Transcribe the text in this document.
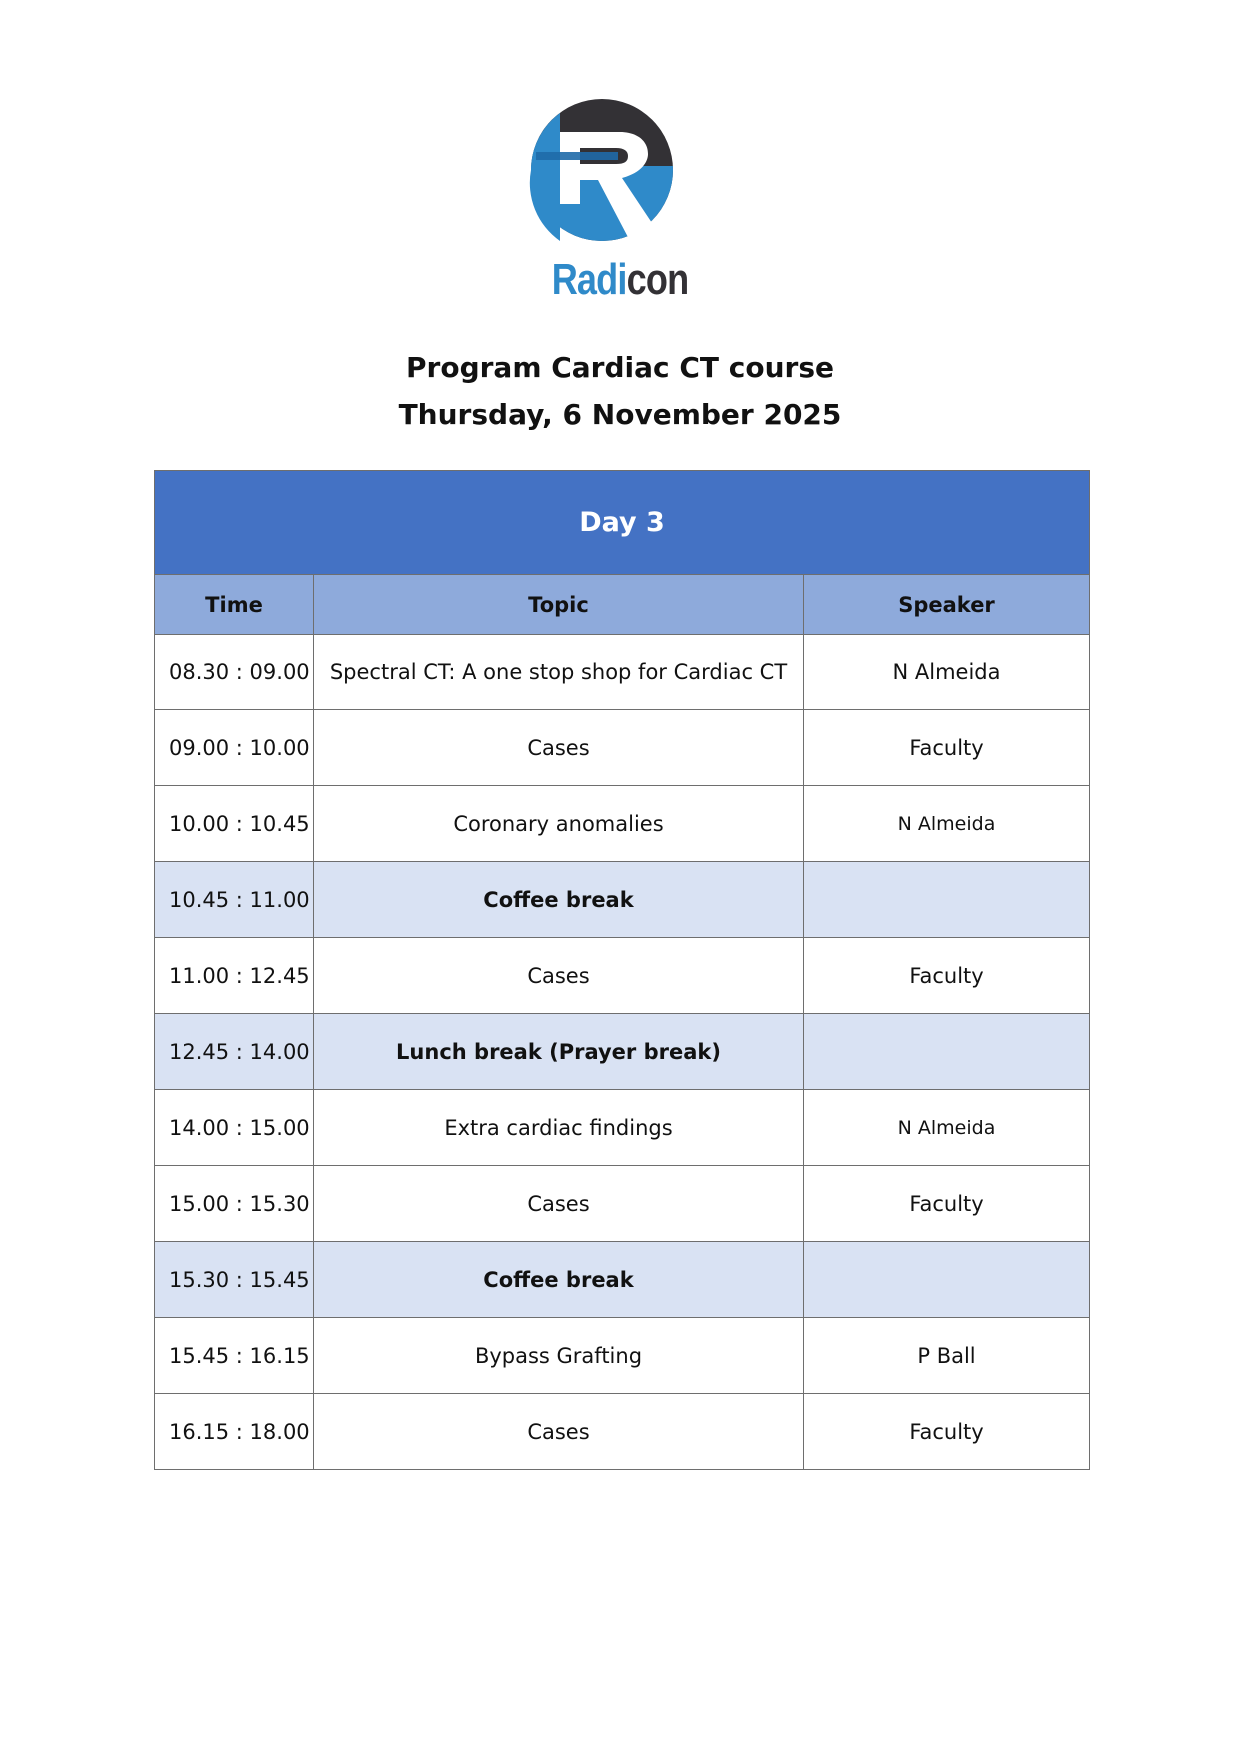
Radicon
Program Cardiac CT course
Thursday, 6 November 2025
Day 3		
Time	Topic	Speaker
08.30 : 09.00	Spectral CT: A one stop shop for Cardiac CT	N Almeida
09.00 : 10.00	Cases	Faculty
10.00 : 10.45	Coronary anomalies	N Almeida
10.45 : 11.00	Coffee break	
11.00 : 12.45	Cases	Faculty
12.45 : 14.00	Lunch break (Prayer break)	
14.00 : 15.00	Extra cardiac findings	N Almeida
15.00 : 15.30	Cases	Faculty
15.30 : 15.45	Coffee break	
15.45 : 16.15	Bypass Grafting	P Ball
16.15 : 18.00	Cases	Faculty
